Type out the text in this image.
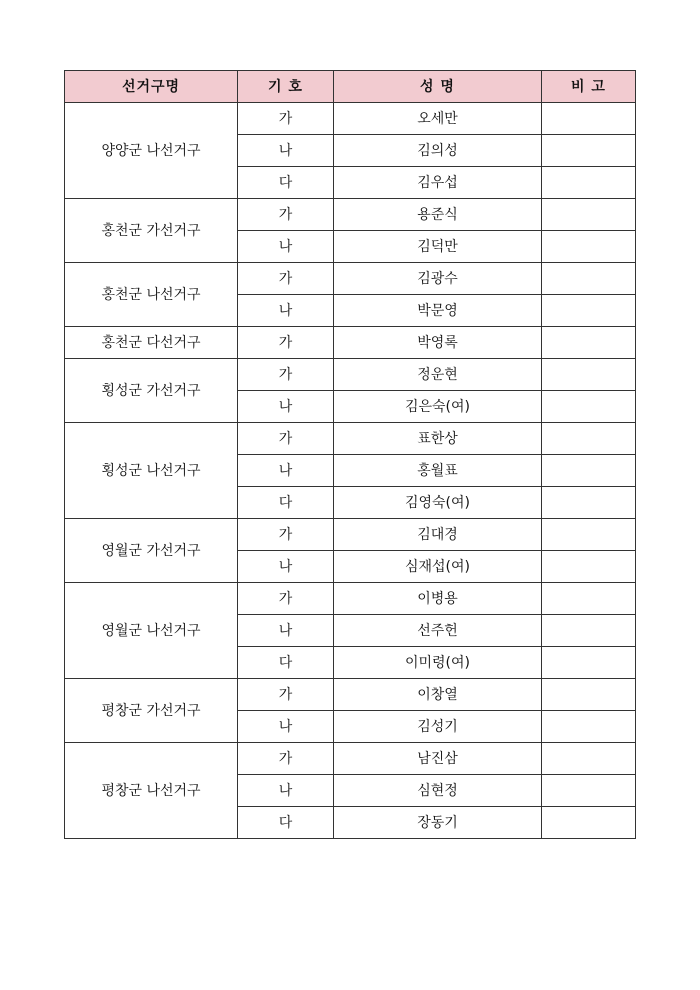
선거구명	기 호	성 명	비 고
양양군 나선거구	가	오세만	
	나	김의성	
	다	김우섭	
홍천군 가선거구	가	용준식	
	나	김덕만	
홍천군 나선거구	가	김광수	
	나	박문영	
홍천군 다선거구	가	박영록	
횡성군 가선거구	가	정운현	
	나	김은숙(여)	
횡성군 나선거구	가	표한상	
	나	홍월표	
	다	김영숙(여)	
영월군 가선거구	가	김대경	
	나	심재섭(여)	
영월군 나선거구	가	이병용	
	나	선주헌	
	다	이미령(여)	
평창군 가선거구	가	이창열	
	나	김성기	
평창군 나선거구	가	남진삼	
	나	심현정	
	다	장동기	
